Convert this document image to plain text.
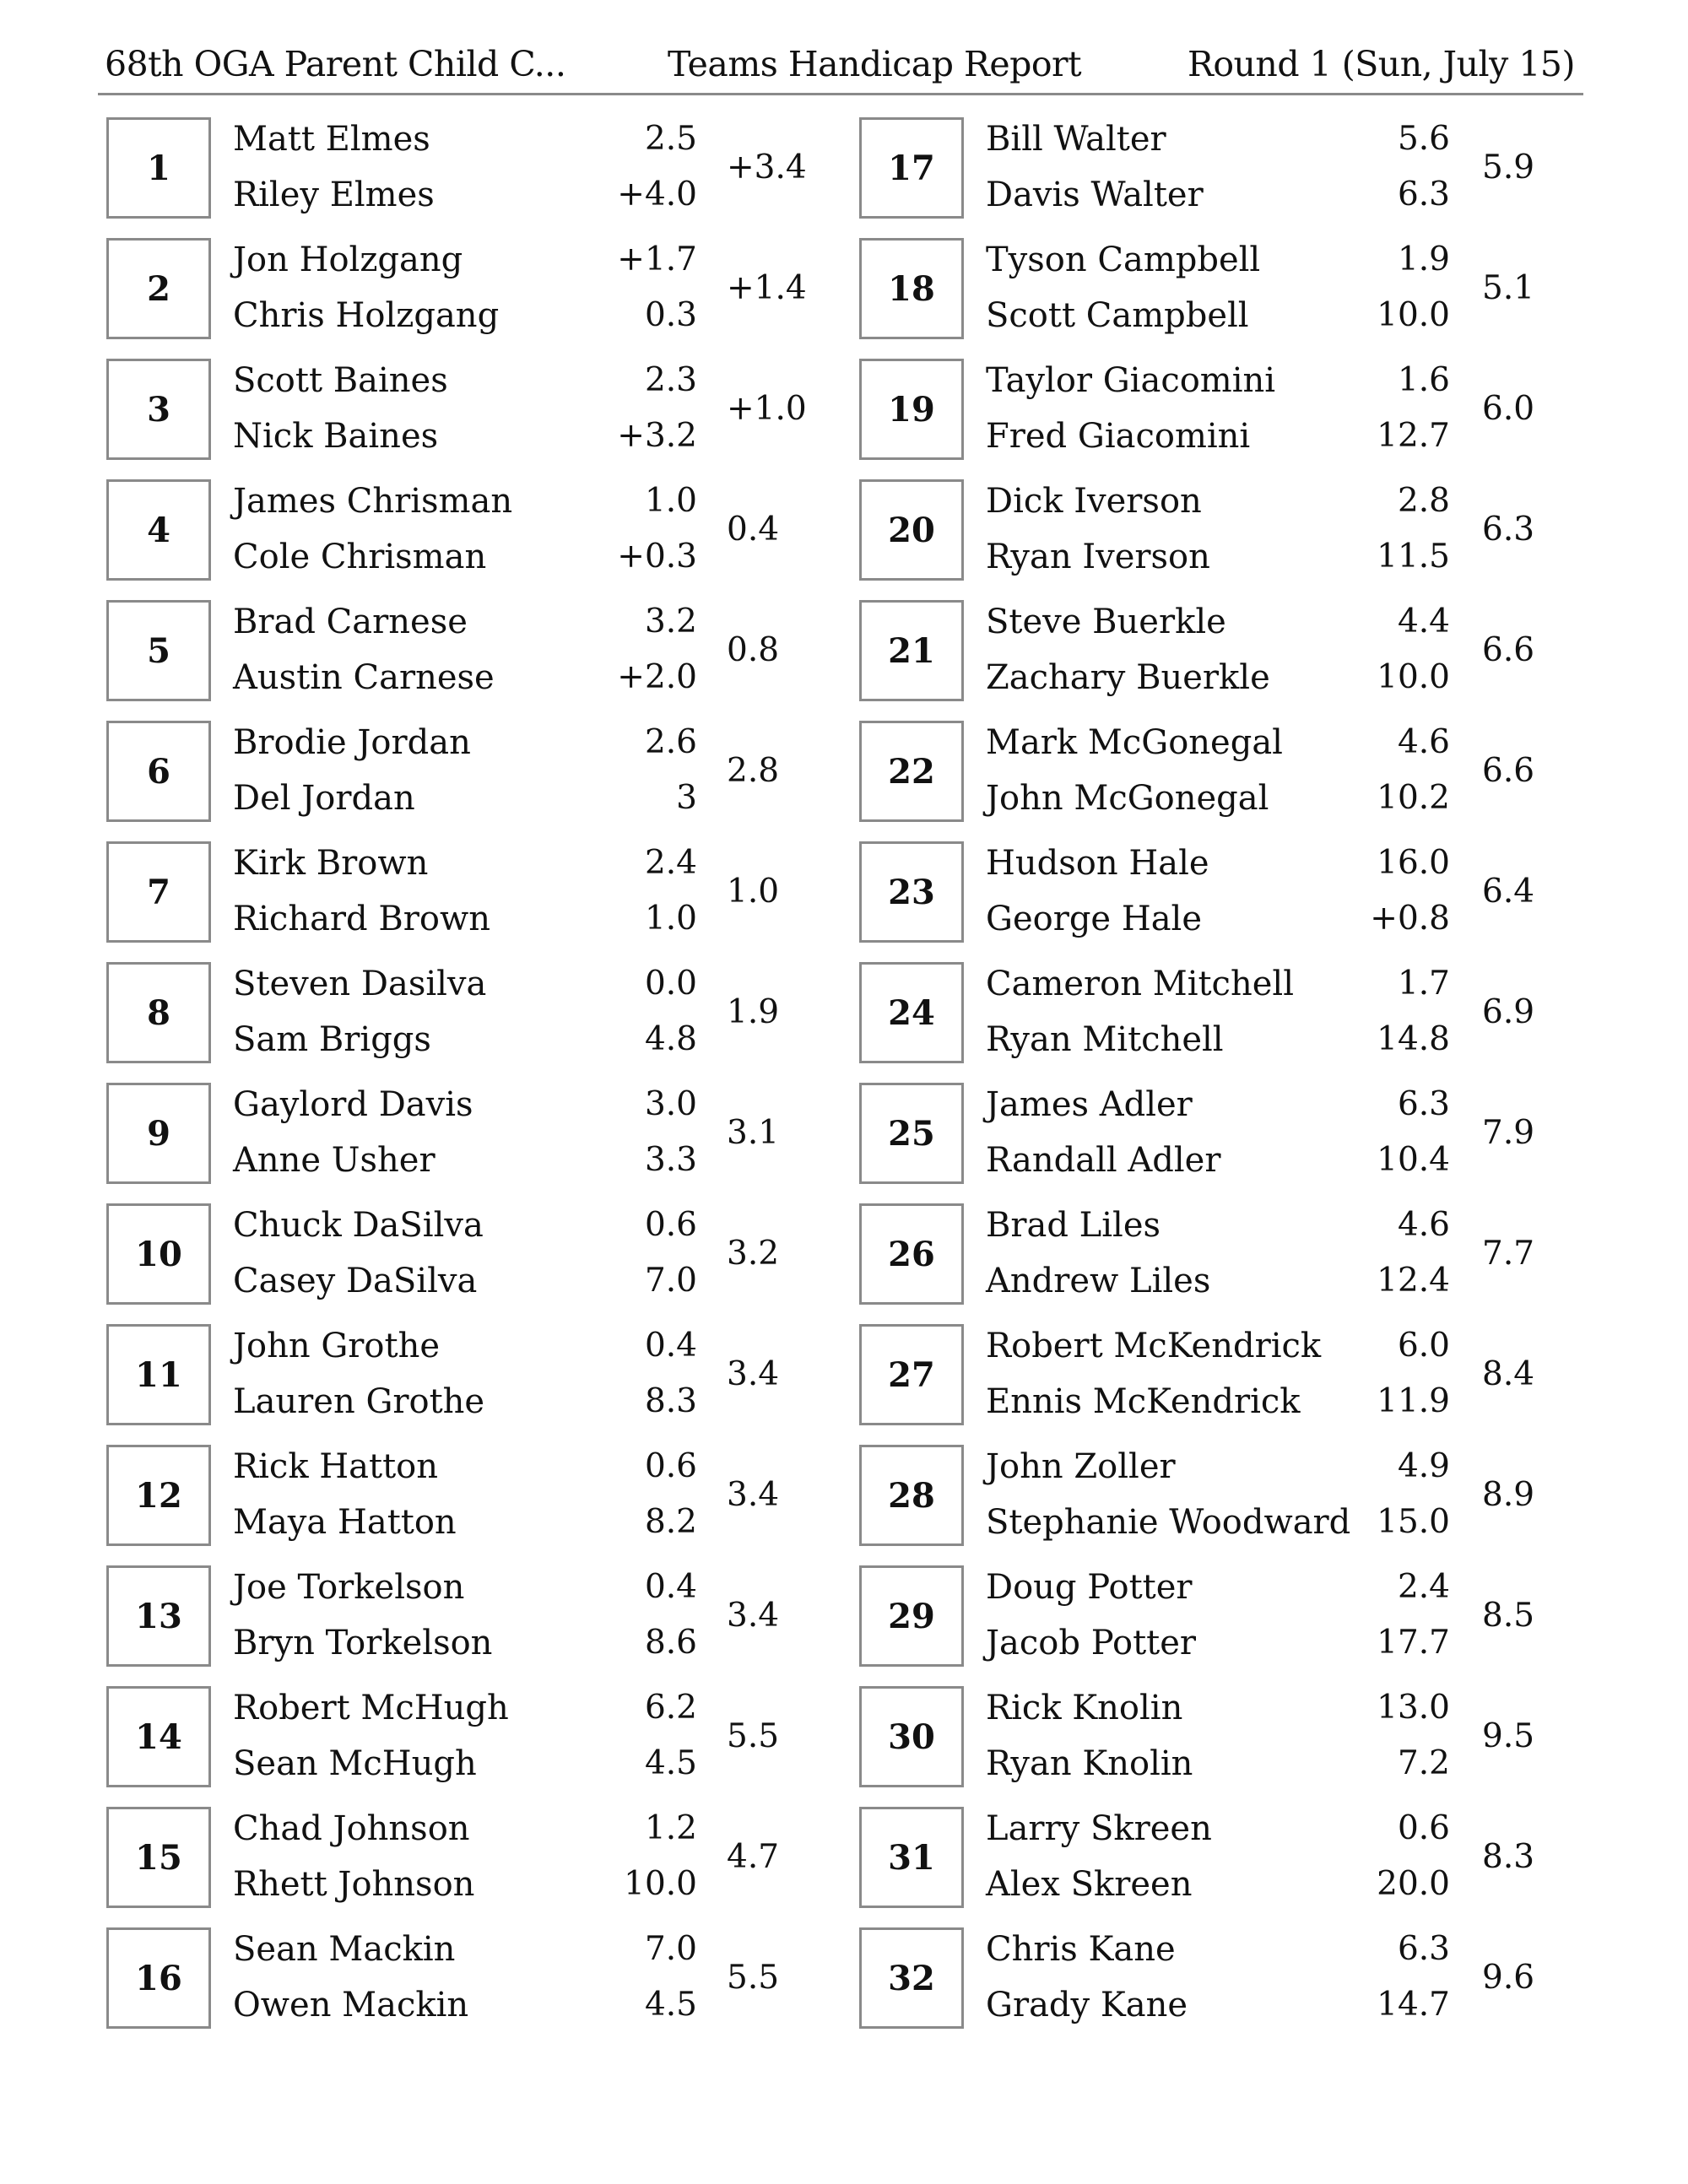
68th OGA Parent Child C...	Teams Handicap Report	Round 1 (Sun, July 15)
1
Matt Elmes	2.5
Riley Elmes	+4.0
+3.4
2
Jon Holzgang	+1.7
Chris Holzgang	0.3
+1.4
3
Scott Baines	2.3
Nick Baines	+3.2
+1.0
4
James Chrisman	1.0
Cole Chrisman	+0.3
0.4
5
Brad Carnese	3.2
Austin Carnese	+2.0
0.8
6
Brodie Jordan	2.6
Del Jordan	3
2.8
7
Kirk Brown	2.4
Richard Brown	1.0
1.0
8
Steven Dasilva	0.0
Sam Briggs	4.8
1.9
9
Gaylord Davis	3.0
Anne Usher	3.3
3.1
10
Chuck DaSilva	0.6
Casey DaSilva	7.0
3.2
11
John Grothe	0.4
Lauren Grothe	8.3
3.4
12
Rick Hatton	0.6
Maya Hatton	8.2
3.4
13
Joe Torkelson	0.4
Bryn Torkelson	8.6
3.4
14
Robert McHugh	6.2
Sean McHugh	4.5
5.5
15
Chad Johnson	1.2
Rhett Johnson	10.0
4.7
16
Sean Mackin	7.0
Owen Mackin	4.5
5.5
17
Bill Walter	5.6
Davis Walter	6.3
5.9
18
Tyson Campbell	1.9
Scott Campbell	10.0
5.1
19
Taylor Giacomini	1.6
Fred Giacomini	12.7
6.0
20
Dick Iverson	2.8
Ryan Iverson	11.5
6.3
21
Steve Buerkle	4.4
Zachary Buerkle	10.0
6.6
22
Mark McGonegal	4.6
John McGonegal	10.2
6.6
23
Hudson Hale	16.0
George Hale	+0.8
6.4
24
Cameron Mitchell	1.7
Ryan Mitchell	14.8
6.9
25
James Adler	6.3
Randall Adler	10.4
7.9
26
Brad Liles	4.6
Andrew Liles	12.4
7.7
27
Robert McKendrick	6.0
Ennis McKendrick	11.9
8.4
28
John Zoller	4.9
Stephanie Woodward 15.0
8.9
29
Doug Potter	2.4
Jacob Potter	17.7
8.5
30
Rick Knolin	13.0
Ryan Knolin	7.2
9.5
31
Larry Skreen	0.6
Alex Skreen	20.0
8.3
32
Chris Kane	6.3
Grady Kane	14.7
9.6
